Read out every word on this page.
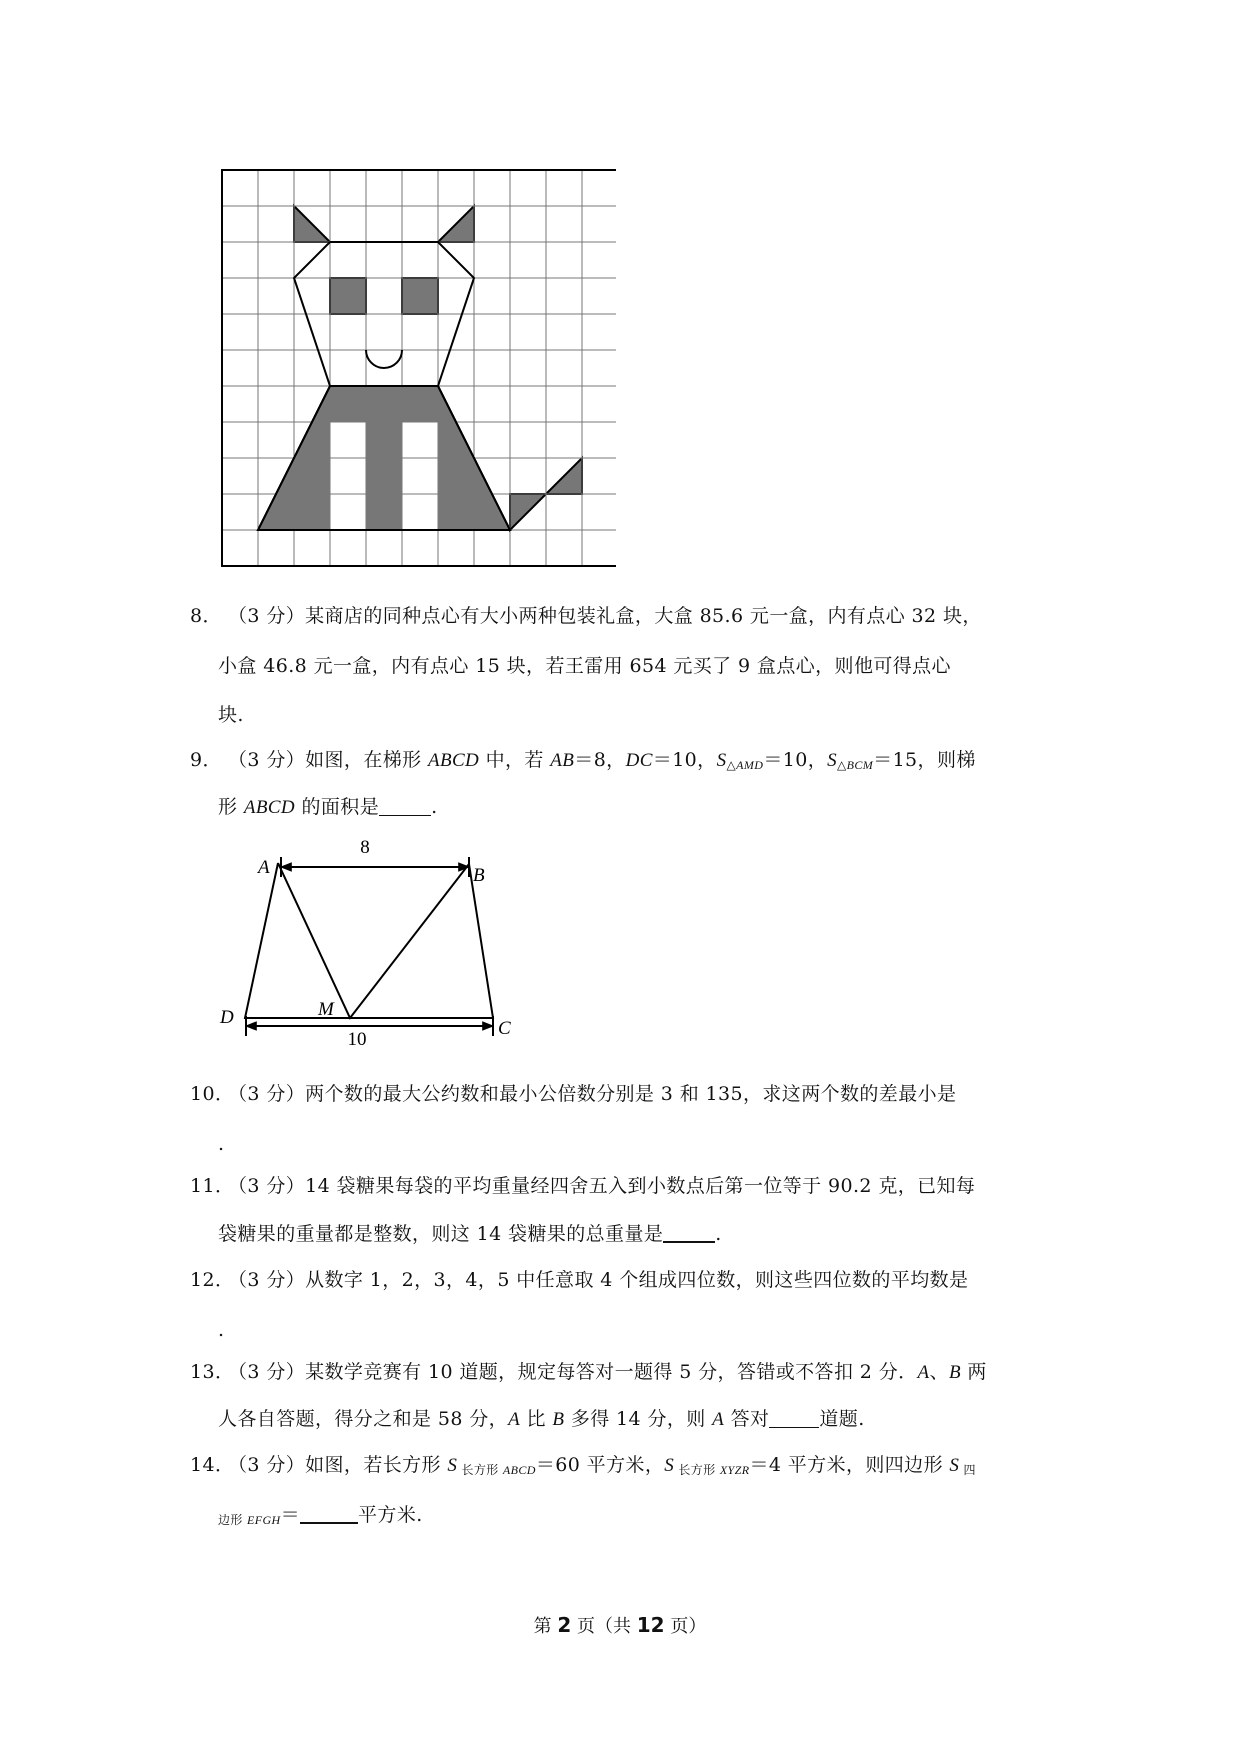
8． （3 分）某商店的同种点心有大小两种包装礼盒，大盒 85.6 元一盒，内有点心 32 块，
小盒 46.8 元一盒，内有点心 15 块，若王雷用 654 元买了 9 盒点心，则他可得点心
块.
9． （3 分）如图，在梯形 ABCD 中，若 AB＝8，DC＝10，$S_{\triangle AMD}=10$，$S_{\triangle BCM}=15$，则梯
形 ABCD 的面积是	.
8
10
A	B
C
D	M
10．（3 分）两个数的最大公约数和最小公倍数分别是 3 和 135，求这两个数的差最小是
.
11．（3 分）14 袋糖果每袋的平均重量经四舍五入到小数点后第一位等于 90.2 克，已知每
袋糖果的重量都是整数，则这 14 袋糖果的总重量是	.
12．（3 分）从数字 1，2，3，4，5 中任意取 4 个组成四位数，则这些四位数的平均数是
.
13．（3 分）某数学竞赛有 10 道题，规定每答对一题得 5 分，答错或不答扣 2 分．A、B 两
人各自答题，得分之和是 58 分，A 比 B 多得 14 分，则 A 答对	道题.
14．（3 分）如图，若长方形 S $_{长方形}$ $_{ABCD}$＝60 平方米，S $_{长方形}$ $_{XYZR}$＝4 平方米，则四边形 S $_四$
$_{边形}$ $_{EFGH}$＝	平方米.
第 2 页（共 12 页）
